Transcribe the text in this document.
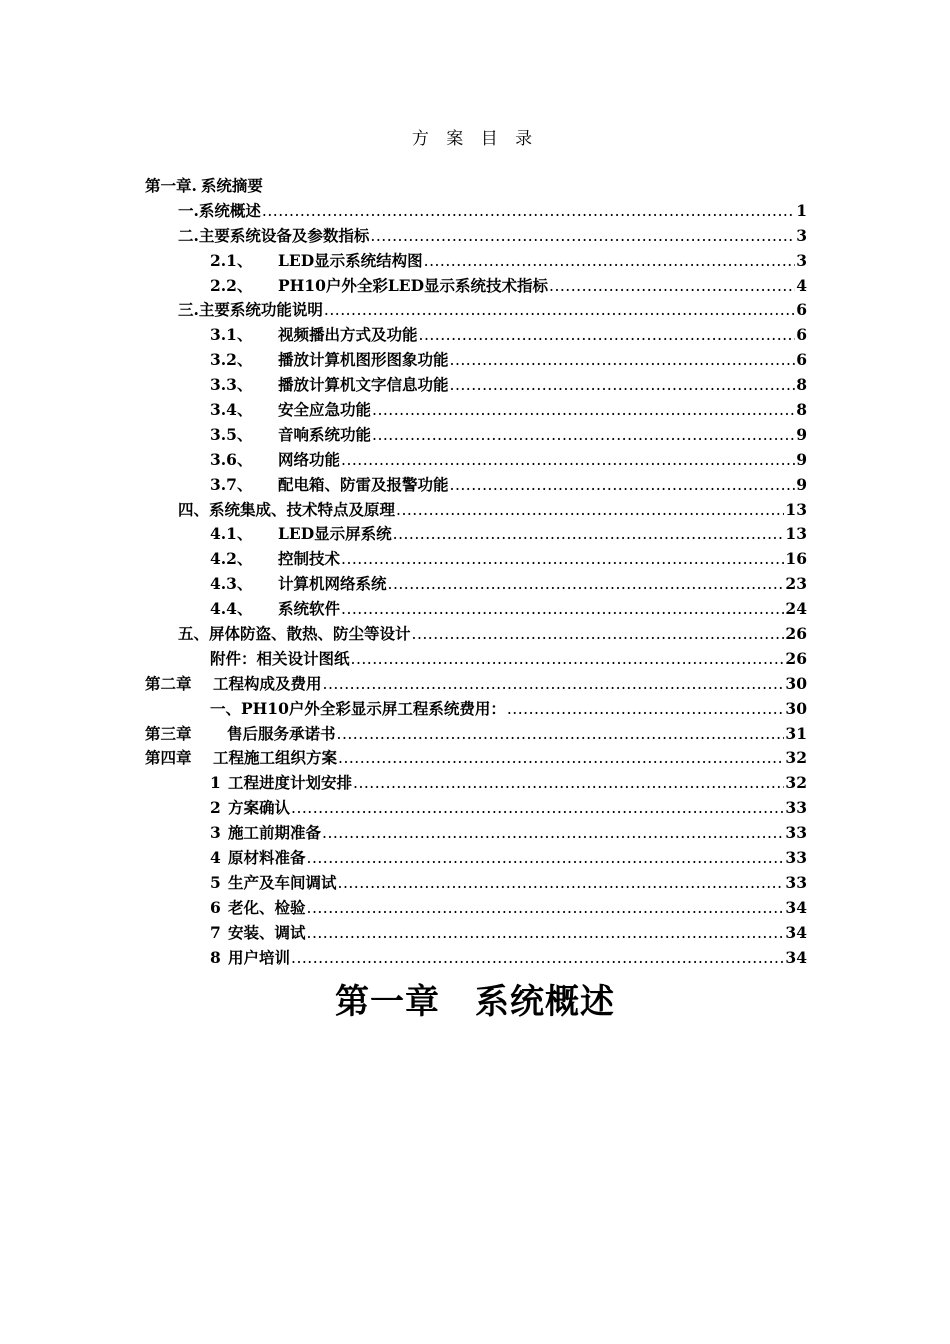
方 案 目 录
第一章. 系统摘要
一. 系统概述 .....	1
二. 主要系统设备及参数指标 .....	3
2.1、	LED显示系统结构图 .....	3
2.2、	PH10户外全彩LED显示系统技术指标 .....	4
三. 主要系统功能说明 .....	6
3.1、	视频播出方式及功能 .....	6
3.2、	播放计算机图形图象功能 .....	6
3.3、	播放计算机文字信息功能 .....	8
3.4、	安全应急功能 .....	8
3.5、	音响系统功能 .....	9
3.6、	网络功能 .....	9
3.7、	配电箱、防雷及报警功能 .....	9
四、 系统集成、技术特点及原理 .....	13
4.1、	LED显示屏系统 .....	13
4.2、	控制技术 .....	16
4.3、	计算机网络系统 .....	23
4.4、	系统软件 .....	24
五、 屏体防盗、散热、防尘等设计 .....	26
附件：相关设计图纸 .....	26
第二章	工程构成及费用 .....	30
一、PH10户外全彩显示屏工程系统费用： .....	30
第三章	售后服务承诺书 .....	31
第四章	工程施工组织方案 .....	32
1 工程进度计划安排 .....	32
2 方案确认 .....	33
3 施工前期准备 .....	33
4 原材料准备 .....	33
5 生产及车间调试 .....	33
6 老化、检验 .....	34
7 安装、调试 .....	34
8 用户培训 .....	34
第一章　系统概述
